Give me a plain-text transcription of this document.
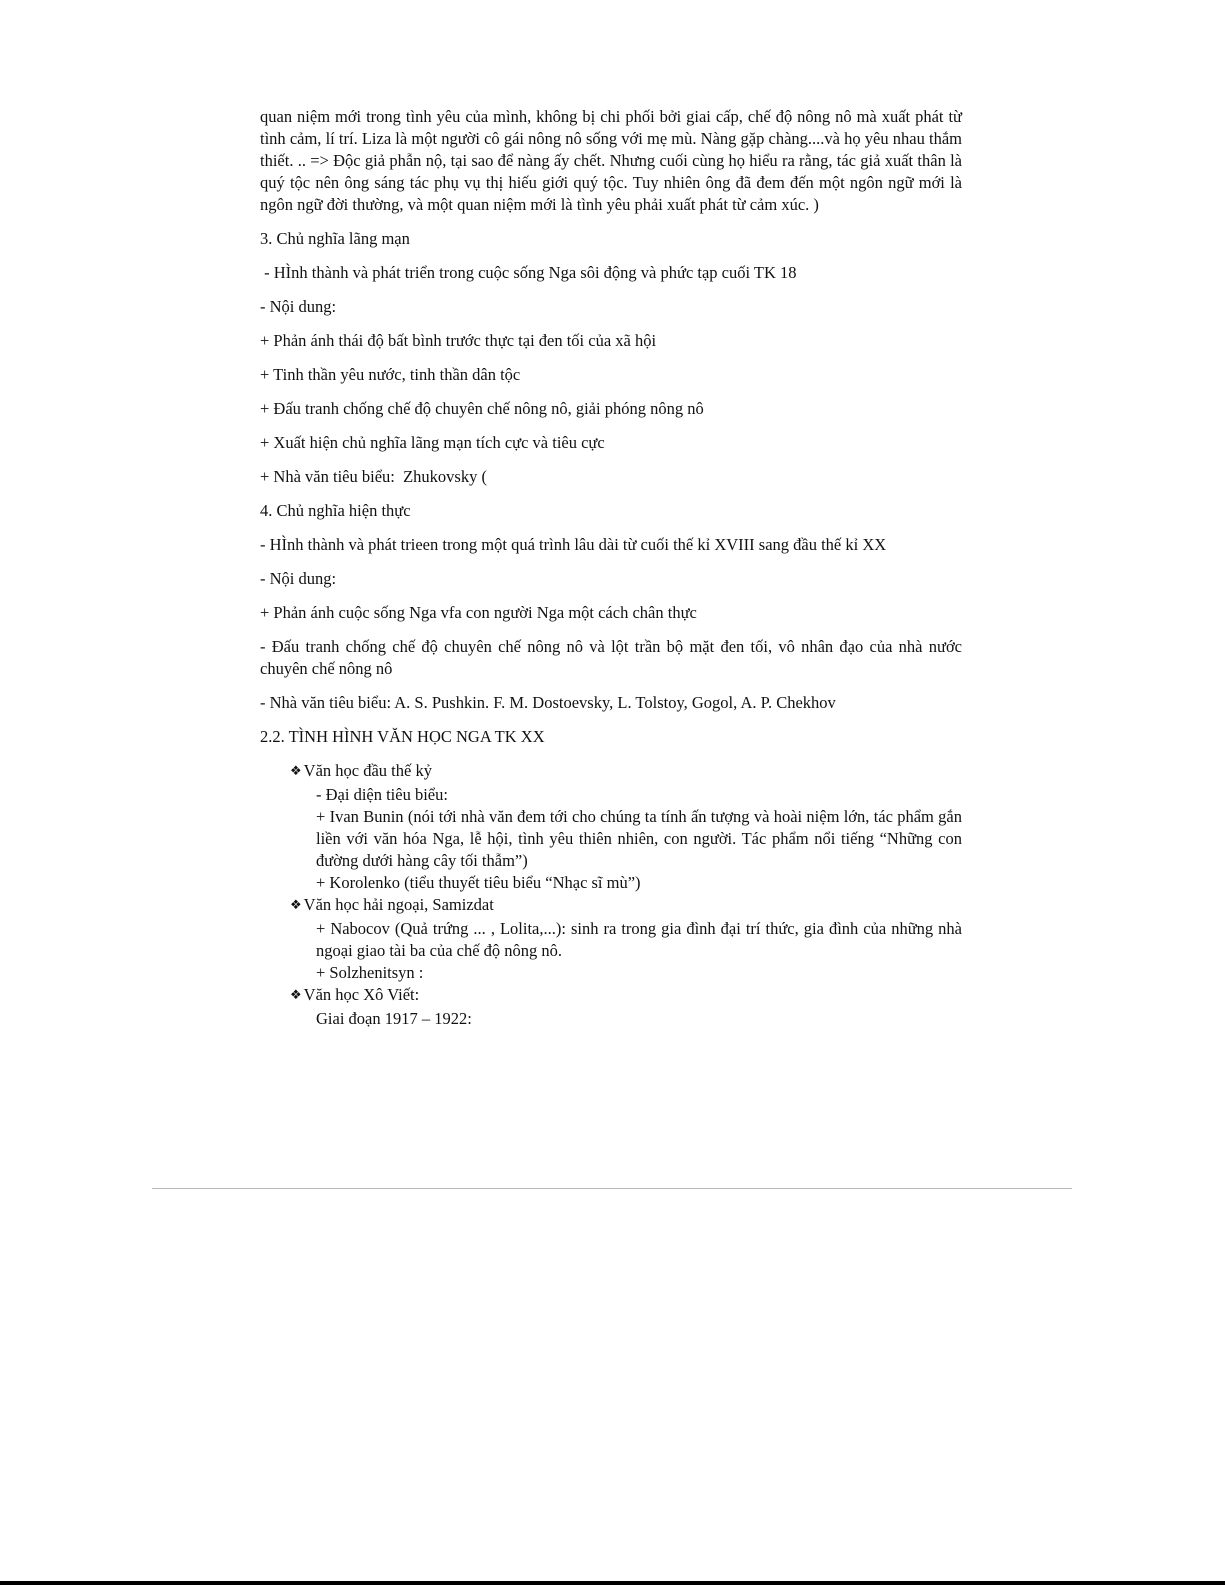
quan niệm mới trong tình yêu của mình, không bị chi phối bởi giai cấp, chế độ nông nô mà xuất phát từ tình cảm, lí trí. Liza là một người cô gái nông nô sống với mẹ mù. Nàng gặp chàng....và họ yêu nhau thắm thiết. .. => Độc giả phẫn nộ, tại sao để nàng ấy chết. Nhưng cuối cùng họ hiểu ra rằng, tác giả xuất thân là quý tộc nên ông sáng tác phụ vụ thị hiếu giới quý tộc. Tuy nhiên ông đã đem đến một ngôn ngữ mới là ngôn ngữ đời thường, và một quan niệm mới là tình yêu phải xuất phát từ cảm xúc. )

3. Chủ nghĩa lãng mạn

- HÌnh thành và phát triển trong cuộc sống Nga sôi động và phức tạp cuối TK 18

- Nội dung:

+ Phản ánh thái độ bất bình trước thực tại đen tối của xã hội

+ Tinh thần yêu nước, tinh thần dân tộc

+ Đấu tranh chống chế độ chuyên chế nông nô, giải phóng nông nô

+ Xuất hiện chủ nghĩa lãng mạn tích cực và tiêu cực

+ Nhà văn tiêu biểu:  Zhukovsky (

4. Chủ nghĩa hiện thực

- HÌnh thành và phát trieen trong một quá trình lâu dài từ cuối thế kỉ XVIII sang đầu thế kỉ XX

- Nội dung:

+ Phản ánh cuộc sống Nga vfa con người Nga một cách chân thực

- Đấu tranh chống chế độ chuyên chế nông nô và lột trần bộ mặt đen tối, vô nhân đạo của nhà nước chuyên chế nông nô

- Nhà văn tiêu biểu: A. S. Pushkin. F. M. Dostoevsky, L. Tolstoy, Gogol, A. P. Chekhov

2.2. TÌNH HÌNH VĂN HỌC NGA TK XX

❖ Văn học đầu thế kỷ

- Đại diện tiêu biểu:

+ Ivan Bunin (nói tới nhà văn đem tới cho chúng ta tính ấn tượng và hoài niệm lớn, tác phẩm gắn liền với văn hóa Nga, lễ hội, tình yêu thiên nhiên, con người. Tác phẩm nổi tiếng “Những con đường dưới hàng cây tối thẫm”)

+ Korolenko (tiểu thuyết tiêu biểu “Nhạc sĩ mù”)

❖ Văn học hải ngoại, Samizdat

+ Nabocov (Quả trứng ... , Lolita,...): sinh ra trong gia đình đại trí thức, gia đình của những nhà ngoại giao tài ba của chế độ nông nô.

+ Solzhenitsyn :

❖ Văn học Xô Viết:

Giai đoạn 1917 – 1922:
